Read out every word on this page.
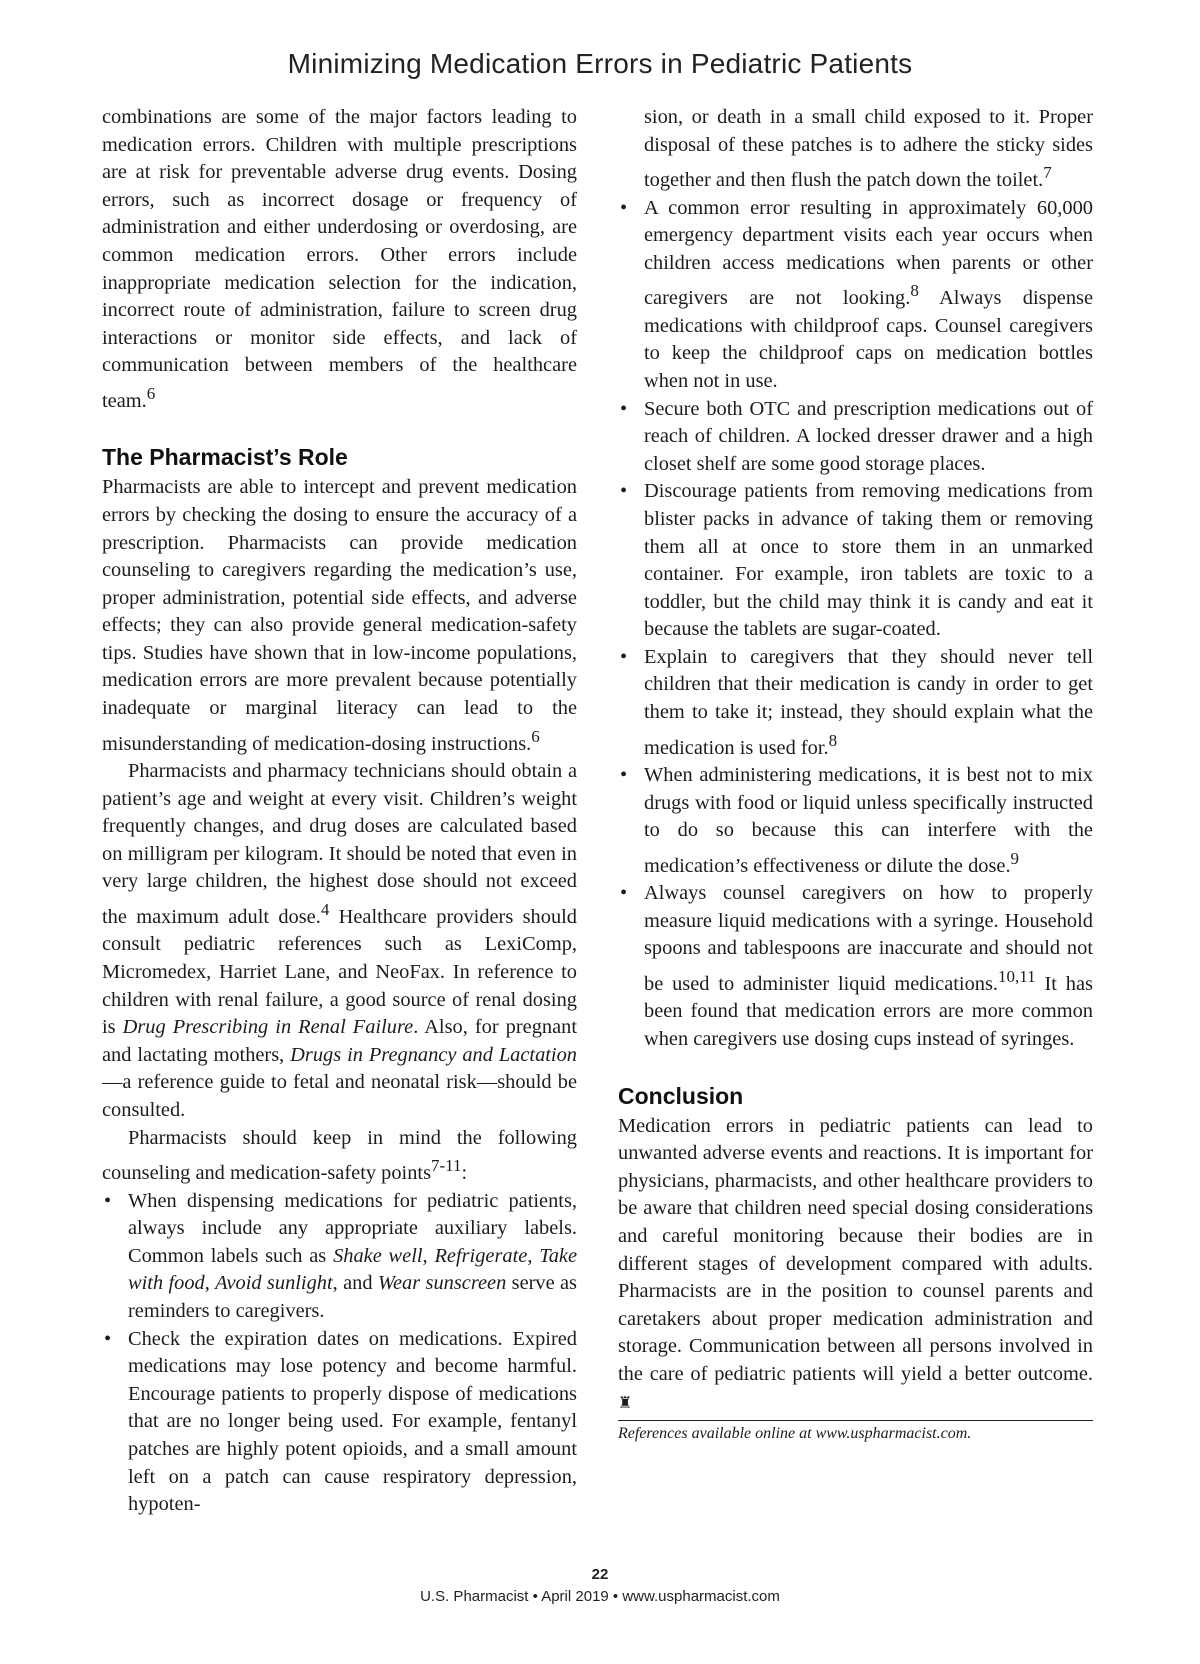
Minimizing Medication Errors in Pediatric Patients

combinations are some of the major factors leading to medication errors. Children with multiple prescriptions are at risk for preventable adverse drug events. Dosing errors, such as incorrect dosage or frequency of administration and either underdosing or overdosing, are common medication errors. Other errors include inappropriate medication selection for the indication, incorrect route of administration, failure to screen drug interactions or monitor side effects, and lack of communication between members of the healthcare team.$^6$

The Pharmacist’s Role

Pharmacists are able to intercept and prevent medication errors by checking the dosing to ensure the accuracy of a prescription. Pharmacists can provide medication counseling to caregivers regarding the medication’s use, proper administration, potential side effects, and adverse effects; they can also provide general medication-safety tips. Studies have shown that in low-income populations, medication errors are more prevalent because potentially inadequate or marginal literacy can lead to the misunderstanding of medication-dosing instructions.$^6$

Pharmacists and pharmacy technicians should obtain a patient’s age and weight at every visit. Children’s weight frequently changes, and drug doses are calculated based on milligram per kilogram. It should be noted that even in very large children, the highest dose should not exceed the maximum adult dose.$^4$ Healthcare providers should consult pediatric references such as LexiComp, Micromedex, Harriet Lane, and NeoFax. In reference to children with renal failure, a good source of renal dosing is Drug Prescribing in Renal Failure. Also, for pregnant and lactating mothers, Drugs in Pregnancy and Lactation—a reference guide to fetal and neonatal risk—should be consulted.

Pharmacists should keep in mind the following counseling and medication-safety points$^{7-11}$:

• When dispensing medications for pediatric patients, always include any appropriate auxiliary labels. Common labels such as Shake well, Refrigerate, Take with food, Avoid sunlight, and Wear sunscreen serve as reminders to caregivers.
• Check the expiration dates on medications. Expired medications may lose potency and become harmful. Encourage patients to properly dispose of medications that are no longer being used. For example, fentanyl patches are highly potent opioids, and a small amount left on a patch can cause respiratory depression, hypoten-

sion, or death in a small child exposed to it. Proper disposal of these patches is to adhere the sticky sides together and then flush the patch down the toilet.$^7$

• A common error resulting in approximately 60,000 emergency department visits each year occurs when children access medications when parents or other caregivers are not looking.$^8$ Always dispense medications with childproof caps. Counsel caregivers to keep the childproof caps on medication bottles when not in use.
• Secure both OTC and prescription medications out of reach of children. A locked dresser drawer and a high closet shelf are some good storage places.
• Discourage patients from removing medications from blister packs in advance of taking them or removing them all at once to store them in an unmarked container. For example, iron tablets are toxic to a toddler, but the child may think it is candy and eat it because the tablets are sugar-coated.
• Explain to caregivers that they should never tell children that their medication is candy in order to get them to take it; instead, they should explain what the medication is used for.$^8$
• When administering medications, it is best not to mix drugs with food or liquid unless specifically instructed to do so because this can interfere with the medication’s effectiveness or dilute the dose.$^9$
• Always counsel caregivers on how to properly measure liquid medications with a syringe. Household spoons and tablespoons are inaccurate and should not be used to administer liquid medications.$^{10,11}$ It has been found that medication errors are more common when caregivers use dosing cups instead of syringes.
Conclusion

Medication errors in pediatric patients can lead to unwanted adverse events and reactions. It is important for physicians, pharmacists, and other healthcare providers to be aware that children need special dosing considerations and careful monitoring because their bodies are in different stages of development compared with adults. Pharmacists are in the position to counsel parents and caretakers about proper medication administration and storage. Communication between all persons involved in the care of pediatric patients will yield a better outcome. ♜

References available online at www.uspharmacist.com.
22
U.S. Pharmacist • April 2019 • www.uspharmacist.com
